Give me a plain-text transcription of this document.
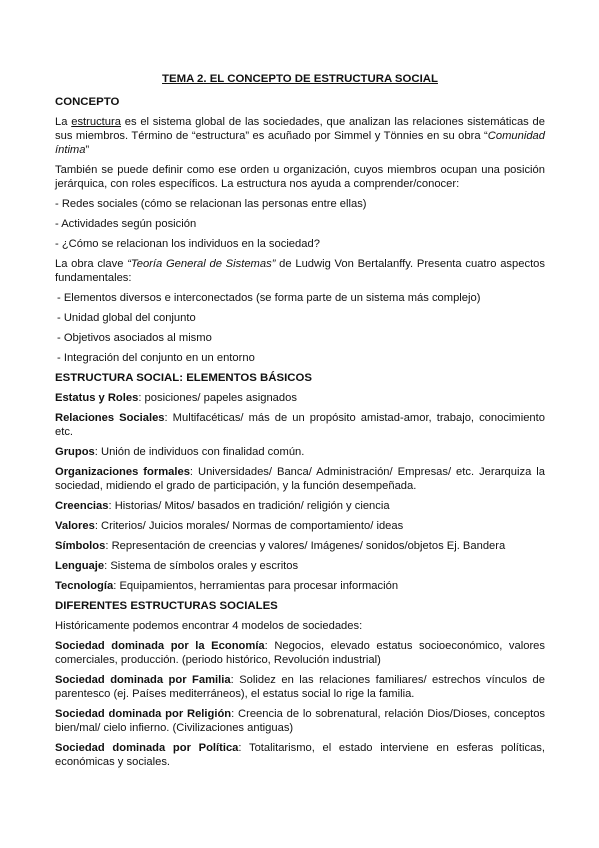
TEMA 2. EL CONCEPTO DE ESTRUCTURA SOCIAL
CONCEPTO

La estructura es el sistema global de las sociedades, que analizan las relaciones sistemáticas de sus miembros. Término de “estructura” es acuñado por Simmel y Tönnies en su obra “Comunidad íntima”

También se puede definir como ese orden u organización, cuyos miembros ocupan una posición jerárquica, con roles específicos. La estructura nos ayuda a comprender/conocer:

- Redes sociales (cómo se relacionan las personas entre ellas)
- Actividades según posición
- ¿Cómo se relacionan los individuos en la sociedad?

La obra clave “Teoría General de Sistemas” de Ludwig Von Bertalanffy. Presenta cuatro aspectos fundamentales:

- Elementos diversos e interconectados (se forma parte de un sistema más complejo)
- Unidad global del conjunto
- Objetivos asociados al mismo
- Integración del conjunto en un entorno
ESTRUCTURA SOCIAL: ELEMENTOS BÁSICOS

Estatus y Roles: posiciones/ papeles asignados

Relaciones Sociales: Multifacéticas/ más de un propósito amistad-amor, trabajo, conocimiento etc.

Grupos: Unión de individuos con finalidad común.

Organizaciones formales: Universidades/ Banca/ Administración/ Empresas/ etc. Jerarquiza la sociedad, midiendo el grado de participación, y la función desempeñada.

Creencias: Historias/ Mitos/ basados en tradición/ religión y ciencia

Valores: Criterios/ Juicios morales/ Normas de comportamiento/ ideas

Símbolos: Representación de creencias y valores/ Imágenes/ sonidos/objetos Ej. Bandera

Lenguaje: Sistema de símbolos orales y escritos

Tecnología: Equipamientos, herramientas para procesar información

DIFERENTES ESTRUCTURAS SOCIALES

Históricamente podemos encontrar 4 modelos de sociedades:

Sociedad dominada por la Economía: Negocios, elevado estatus socioeconómico, valores comerciales, producción. (periodo histórico, Revolución industrial)

Sociedad dominada por Familia: Solidez en las relaciones familiares/ estrechos vínculos de parentesco (ej. Países mediterráneos), el estatus social lo rige la familia.

Sociedad dominada por Religión: Creencia de lo sobrenatural, relación Dios/Dioses, conceptos bien/mal/ cielo infierno. (Civilizaciones antiguas)

Sociedad dominada por Política: Totalitarismo, el estado interviene en esferas políticas, económicas y sociales.
